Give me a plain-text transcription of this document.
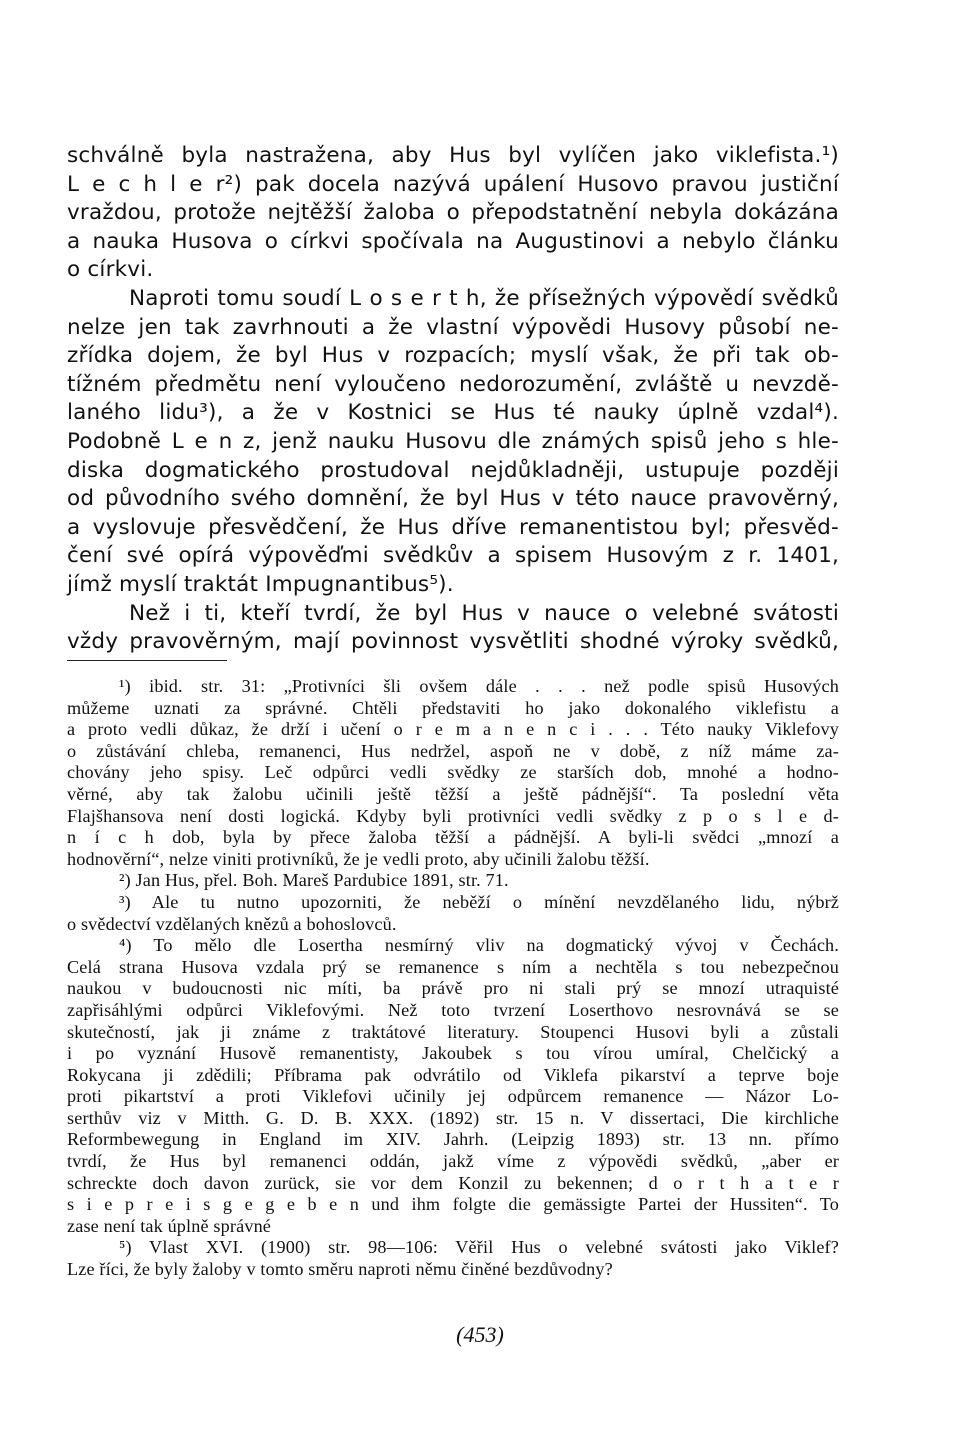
schválně byla nastražena, aby Hus byl vylíčen jako viklefista.¹)
L e c h l e r²) pak docela nazývá upálení Husovo pravou justiční
vraždou, protože nejtěžší žaloba o přepodstatnění nebyla dokázána
a nauka Husova o církvi spočívala na Augustinovi a nebylo článku
o církvi.
Naproti tomu soudí L o s e r t h, že přísežných výpovědí svědků
nelze jen tak zavrhnouti a že vlastní výpovědi Husovy působí ne-
zřídka dojem, že byl Hus v rozpacích; myslí však, že při tak ob-
tížném předmětu není vyloučeno nedorozumění, zvláště u nevzdě-
laného lidu³), a že v Kostnici se Hus té nauky úplně vzdal⁴).
Podobně L e n z, jenž nauku Husovu dle známých spisů jeho s hle-
diska dogmatického prostudoval nejdůkladněji, ustupuje později
od původního svého domnění, že byl Hus v této nauce pravověrný,
a vyslovuje přesvědčení, že Hus dříve remanentistou byl; přesvěd-
čení své opírá výpověďmi svědkův a spisem Husovým z r. 1401,
jímž myslí traktát Impugnantibus⁵).
Než i ti, kteří tvrdí, že byl Hus v nauce o velebné svátosti
vždy pravověrným, mají povinnost vysvětliti shodné výroky svědků,
¹) ibid. str. 31: „Protivníci šli ovšem dále . . . než podle spisů Husových
můžeme uznati za správné. Chtěli představiti ho jako dokonalého viklefistu a
a proto vedli důkaz, že drží i učení o r e m a n e n c i . . . Této nauky Viklefovy
o zůstávání chleba, remanenci, Hus nedržel, aspoň ne v době, z níž máme za-
chovány jeho spisy. Leč odpůrci vedli svědky ze starších dob, mnohé a hodno-
věrné, aby tak žalobu učinili ještě těžší a ještě pádnější“. Ta poslední věta
Flajšhansova není dosti logická. Kdyby byli protivníci vedli svědky z p o s l e d-
n í c h dob, byla by přece žaloba těžší a pádnější. A byli-li svědci „mnozí a
hodnověrní“, nelze viniti protivníků, že je vedli proto, aby učinili žalobu těžší.
²) Jan Hus, přel. Boh. Mareš Pardubice 1891, str. 71.
³) Ale tu nutno upozorniti, že neběží o mínění nevzdělaného lidu, nýbrž
o svědectví vzdělaných knězů a bohoslovců.
⁴) To mělo dle Loserthа nesmírný vliv na dogmatický vývoj v Čechách.
Celá strana Husova vzdala prý se remanence s ním a nechtěla s tou nebezpečnou
naukou v budoucnosti nic míti, ba právě pro ni stali prý se mnozí utraquisté
zapřisáhlými odpůrci Viklefovými. Než toto tvrzení Loserthovo nesrovnává se se
skutečností, jak ji známe z traktátové literatury. Stoupenci Husovi byli a zůstali
i po vyznání Husově remanentisty, Jakoubek s tou vírou umíral, Chelčický a
Rokycana ji zdědili; Příbrama pak odvrátilo od Viklefa pikarství a teprve boje
proti pikartství a proti Viklefovi učinily jej odpůrcem remanence — Názor Lo-
serthův viz v Mitth. G. D. B. XXX. (1892) str. 15 n. V dissertaci, Die kirchliche
Reformbewegung in England im XIV. Jahrh. (Leipzig 1893) str. 13 nn. přímo
tvrdí, že Hus byl remanenci oddán, jakž víme z výpovědi svědků, „aber er
schreckte doch davon zurück, sie vor dem Konzil zu bekennen; d o r t h a t e r
s i e p r e i s g e g e b e n und ihm folgte die gemässigte Partei der Hussiten“. To
zase není tak úplně správné
⁵) Vlast XVI. (1900) str. 98—106: Věřil Hus o velebné svátosti jako Viklef?
Lze říci, že byly žaloby v tomto směru naproti němu činěné bezdůvodny?
(453)
